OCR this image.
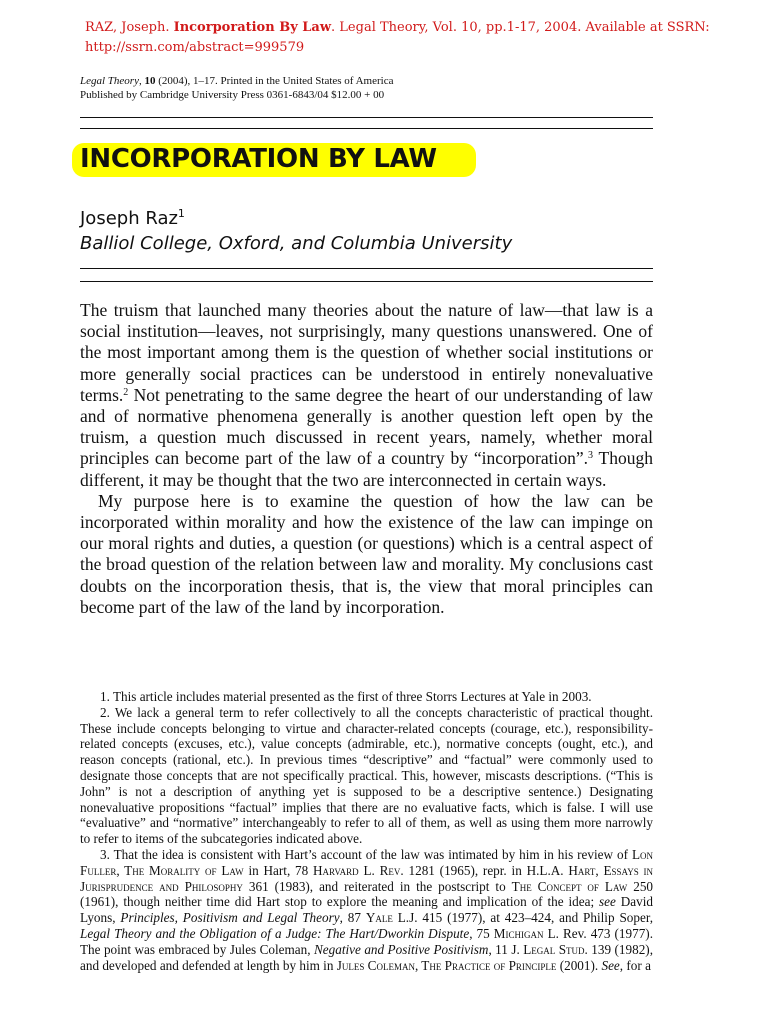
RAZ, Joseph. Incorporation By Law. Legal Theory, Vol. 10, pp.1-17, 2004. Available at SSRN: http://ssrn.com/abstract=999579
Legal Theory, 10 (2004), 1–17. Printed in the United States of America
Published by Cambridge University Press 0361-6843/04 $12.00 + 00
INCORPORATION BY LAW
Joseph Raz$^1$
Balliol College, Oxford, and Columbia University

The truism that launched many theories about the nature of law—that law is a social institution—leaves, not surprisingly, many questions unanswered. One of the most important among them is the question of whether social institutions or more generally social practices can be understood in entirely nonevaluative terms.$^2$ Not penetrating to the same degree the heart of our understanding of law and of normative phenomena generally is another question left open by the truism, a question much discussed in recent years, namely, whether moral principles can become part of the law of a country by “incorporation”.$^3$ Though different, it may be thought that the two are interconnected in certain ways.

My purpose here is to examine the question of how the law can be incorporated within morality and how the existence of the law can impinge on our moral rights and duties, a question (or questions) which is a central aspect of the broad question of the relation between law and morality. My conclusions cast doubts on the incorporation thesis, that is, the view that moral principles can become part of the law of the land by incorporation.

1. This article includes material presented as the first of three Storrs Lectures at Yale in 2003.

2. We lack a general term to refer collectively to all the concepts characteristic of practical thought. These include concepts belonging to virtue and character-related concepts (courage, etc.), responsibility-related concepts (excuses, etc.), value concepts (admirable, etc.), normative concepts (ought, etc.), and reason concepts (rational, etc.). In previous times “descriptive” and “factual” were commonly used to designate those concepts that are not specifically practical. This, however, miscasts descriptions. (“This is John” is not a description of anything yet is supposed to be a descriptive sentence.) Designating nonevaluative propositions “factual” implies that there are no evaluative facts, which is false. I will use “evaluative” and “normative” interchangeably to refer to all of them, as well as using them more narrowly to refer to items of the subcategories indicated above.

3. That the idea is consistent with Hart’s account of the law was intimated by him in his review of Lon Fuller, The Morality of Law in Hart, 78 Harvard L. Rev. 1281 (1965), repr. in H.L.A. Hart, Essays in Jurisprudence and Philosophy 361 (1983), and reiterated in the postscript to The Concept of Law 250 (1961), though neither time did Hart stop to explore the meaning and implication of the idea; see David Lyons, Principles, Positivism and Legal Theory, 87 Yale L.J. 415 (1977), at 423–424, and Philip Soper, Legal Theory and the Obligation of a Judge: The Hart/Dworkin Dispute, 75 Michigan L. Rev. 473 (1977). The point was embraced by Jules Coleman, Negative and Positive Positivism, 11 J. Legal Stud. 139 (1982), and developed and defended at length by him in Jules Coleman, The Practice of Principle (2001). See, for a
